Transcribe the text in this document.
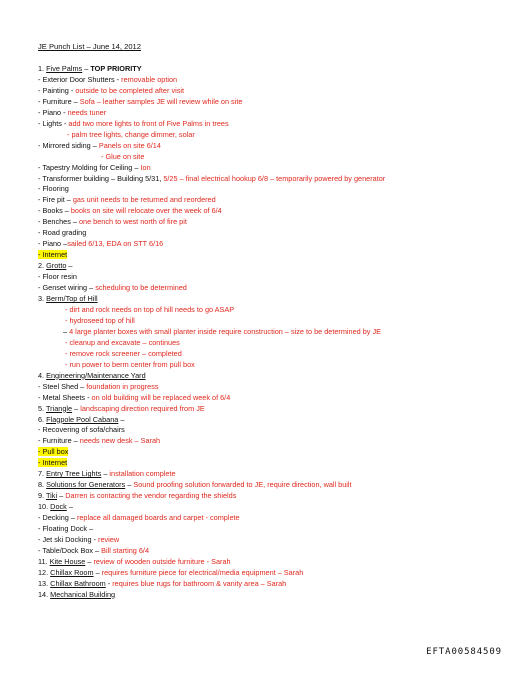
JE Punch List – June 14, 2012
1. Five Palms – TOP PRIORITY
- Exterior Door Shutters - removable option
- Painting - outside to be completed after visit
- Furniture – Sofa – leather samples JE will review while on site
- Piano - needs tuner
- Lights - add two more lights to front of Five Palms in trees
- palm tree lights, change dimmer, solar
- Mirrored siding – Panels on site 6/14
- Glue on site
- Tapestry Molding for Ceiling – Ion
- Transformer building – Building 5/31, 5/25 – final electrical hookup 6/8 – temporarily powered by generator
- Flooring
- Fire pit – gas unit needs to be returned and reordered
- Books – books on site will relocate over the week of 6/4
- Benches – one bench to west north of fire pit
- Road grading
- Piano –sailed 6/13, EDA on STT 6/16
- Internet
2. Grotto –
- Floor resin
- Genset wiring – scheduling to be determined
3. Berm/Top of Hill
- dirt and rock needs on top of hill needs to go ASAP
- hydroseed top of hill
– 4 large planter boxes with small planter inside require construction – size to be determined by JE
- cleanup and excavate – continues
- remove rock screener – completed
- run power to berm center from pull box
4. Engineering/Maintenance Yard
- Steel Shed – foundation in progress
- Metal Sheets - on old building will be replaced week of 6/4
5. Triangle – landscaping direction required from JE
6. Flagpole Pool Cabana –
- Recovering of sofa/chairs
- Furniture – needs new desk – Sarah
- Pull box
- Internet
7. Entry Tree Lights – installation complete
8. Solutions for Generators – Sound proofing solution forwarded to JE, require direction, wall built
9. Tiki – Darren is contacting the vendor regarding the shields
10. Dock –
- Decking – replace all damaged boards and carpet - complete
- Floating Dock –
- Jet ski Docking - review
- Table/Dock Box – Bill starting 6/4
11. Kite House – review of wooden outside furniture - Sarah
12. Chillax Room – requires furniture piece for electrical/media equipment – Sarah
13. Chillax Bathroom - requires blue rugs for bathroom & vanity area – Sarah
14. Mechanical Building
EFTA00584509
